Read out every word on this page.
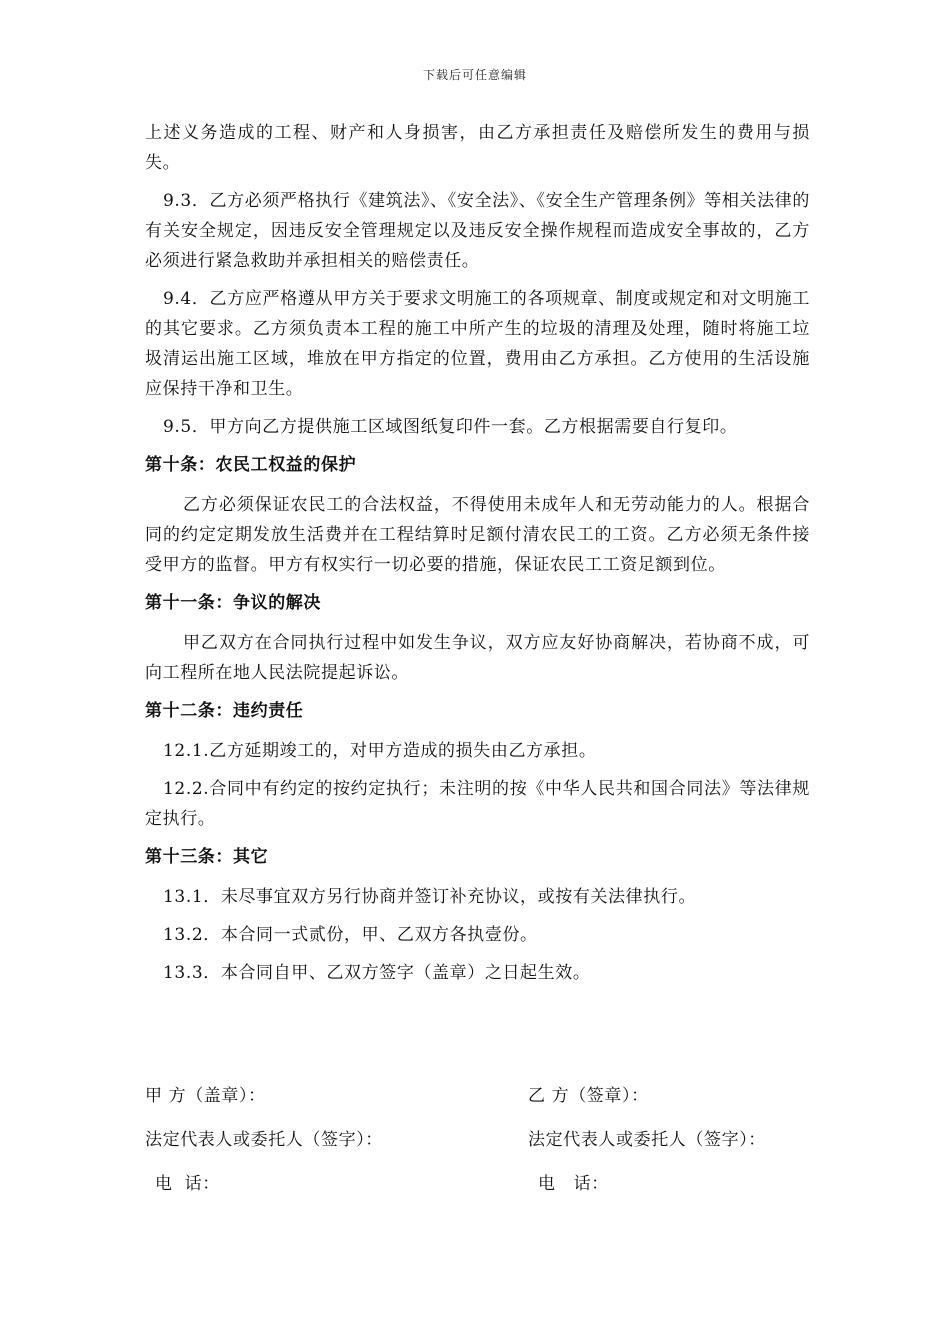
下载后可任意编辑

上述义务造成的工程、财产和人身损害，由乙方承担责任及赔偿所发生的费用与损失。

9.3．乙方必须严格执行《建筑法》、《安全法》、《安全生产管理条例》等相关法律的有关安全规定，因违反安全管理规定以及违反安全操作规程而造成安全事故的，乙方必须进行紧急救助并承担相关的赔偿责任。

9.4．乙方应严格遵从甲方关于要求文明施工的各项规章、制度或规定和对文明施工的其它要求。乙方须负责本工程的施工中所产生的垃圾的清理及处理，随时将施工垃圾清运出施工区域，堆放在甲方指定的位置，费用由乙方承担。乙方使用的生活设施应保持干净和卫生。

9.5．甲方向乙方提供施工区域图纸复印件一套。乙方根据需要自行复印。

第十条：农民工权益的保护

乙方必须保证农民工的合法权益，不得使用未成年人和无劳动能力的人。根据合同的约定定期发放生活费并在工程结算时足额付清农民工的工资。乙方必须无条件接受甲方的监督。甲方有权实行一切必要的措施，保证农民工工资足额到位。

第十一条：争议的解决

甲乙双方在合同执行过程中如发生争议，双方应友好协商解决，若协商不成，可向工程所在地人民法院提起诉讼。

第十二条：违约责任

12.1.乙方延期竣工的，对甲方造成的损失由乙方承担。

12.2.合同中有约定的按约定执行；未注明的按《中华人民共和国合同法》等法律规定执行。

第十三条：其它

13.1．未尽事宜双方另行协商并签订补充协议，或按有关法律执行。

13.2．本合同一式贰份，甲、乙双方各执壹份。

13.3．本合同自甲、乙双方签字（盖章）之日起生效。

甲 方（盖章）：	乙 方（签章）：
法定代表人或委托人（签字）：	法定代表人或委托人（签字）：
电  话：	电   话：
